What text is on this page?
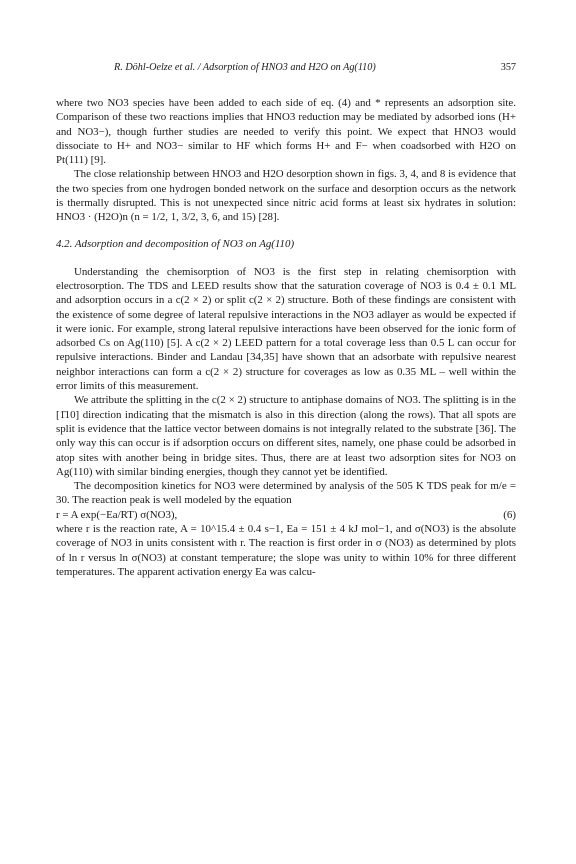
R. Döhl-Oelze et al. / Adsorption of HNO3 and H2O on Ag(110)	357

where two NO3 species have been added to each side of eq. (4) and * represents an adsorption site. Comparison of these two reactions implies that HNO3 reduction may be mediated by adsorbed ions (H+ and NO3−), though further studies are needed to verify this point. We expect that HNO3 would dissociate to H+ and NO3− similar to HF which forms H+ and F− when coadsorbed with H2O on Pt(111) [9].

The close relationship between HNO3 and H2O desorption shown in figs. 3, 4, and 8 is evidence that the two species from one hydrogen bonded network on the surface and desorption occurs as the network is thermally disrupted. This is not unexpected since nitric acid forms at least six hydrates in solution: HNO3 · (H2O)n (n = 1/2, 1, 3/2, 3, 6, and 15) [28].

4.2. Adsorption and decomposition of NO3 on Ag(110)

Understanding the chemisorption of NO3 is the first step in relating chemisorption with electrosorption. The TDS and LEED results show that the saturation coverage of NO3 is 0.4 ± 0.1 ML and adsorption occurs in a c(2 × 2) or split c(2 × 2) structure. Both of these findings are consistent with the existence of some degree of lateral repulsive interactions in the NO3 adlayer as would be expected if it were ionic. For example, strong lateral repulsive interactions have been observed for the ionic form of adsorbed Cs on Ag(110) [5]. A c(2 × 2) LEED pattern for a total coverage less than 0.5 L can occur for repulsive interactions. Binder and Landau [34,35] have shown that an adsorbate with repulsive nearest neighbor interactions can form a c(2 × 2) structure for coverages as low as 0.35 ML – well within the error limits of this measurement.

We attribute the splitting in the c(2 × 2) structure to antiphase domains of NO3. The splitting is in the [1̄10] direction indicating that the mismatch is also in this direction (along the rows). That all spots are split is evidence that the lattice vector between domains is not integrally related to the substrate [36]. The only way this can occur is if adsorption occurs on different sites, namely, one phase could be adsorbed in atop sites with another being in bridge sites. Thus, there are at least two adsorption sites for NO3 on Ag(110) with similar binding energies, though they cannot yet be identified.

The decomposition kinetics for NO3 were determined by analysis of the 505 K TDS peak for m/e = 30. The reaction peak is well modeled by the equation

r = A exp(−Ea/RT) σ(NO3),	(6)

where r is the reaction rate, A = 10^15.4 ± 0.4 s−1, Ea = 151 ± 4 kJ mol−1, and σ(NO3) is the absolute coverage of NO3 in units consistent with r. The reaction is first order in σ (NO3) as determined by plots of ln r versus ln σ(NO3) at constant temperature; the slope was unity to within 10% for three different temperatures. The apparent activation energy Ea was calcu-
